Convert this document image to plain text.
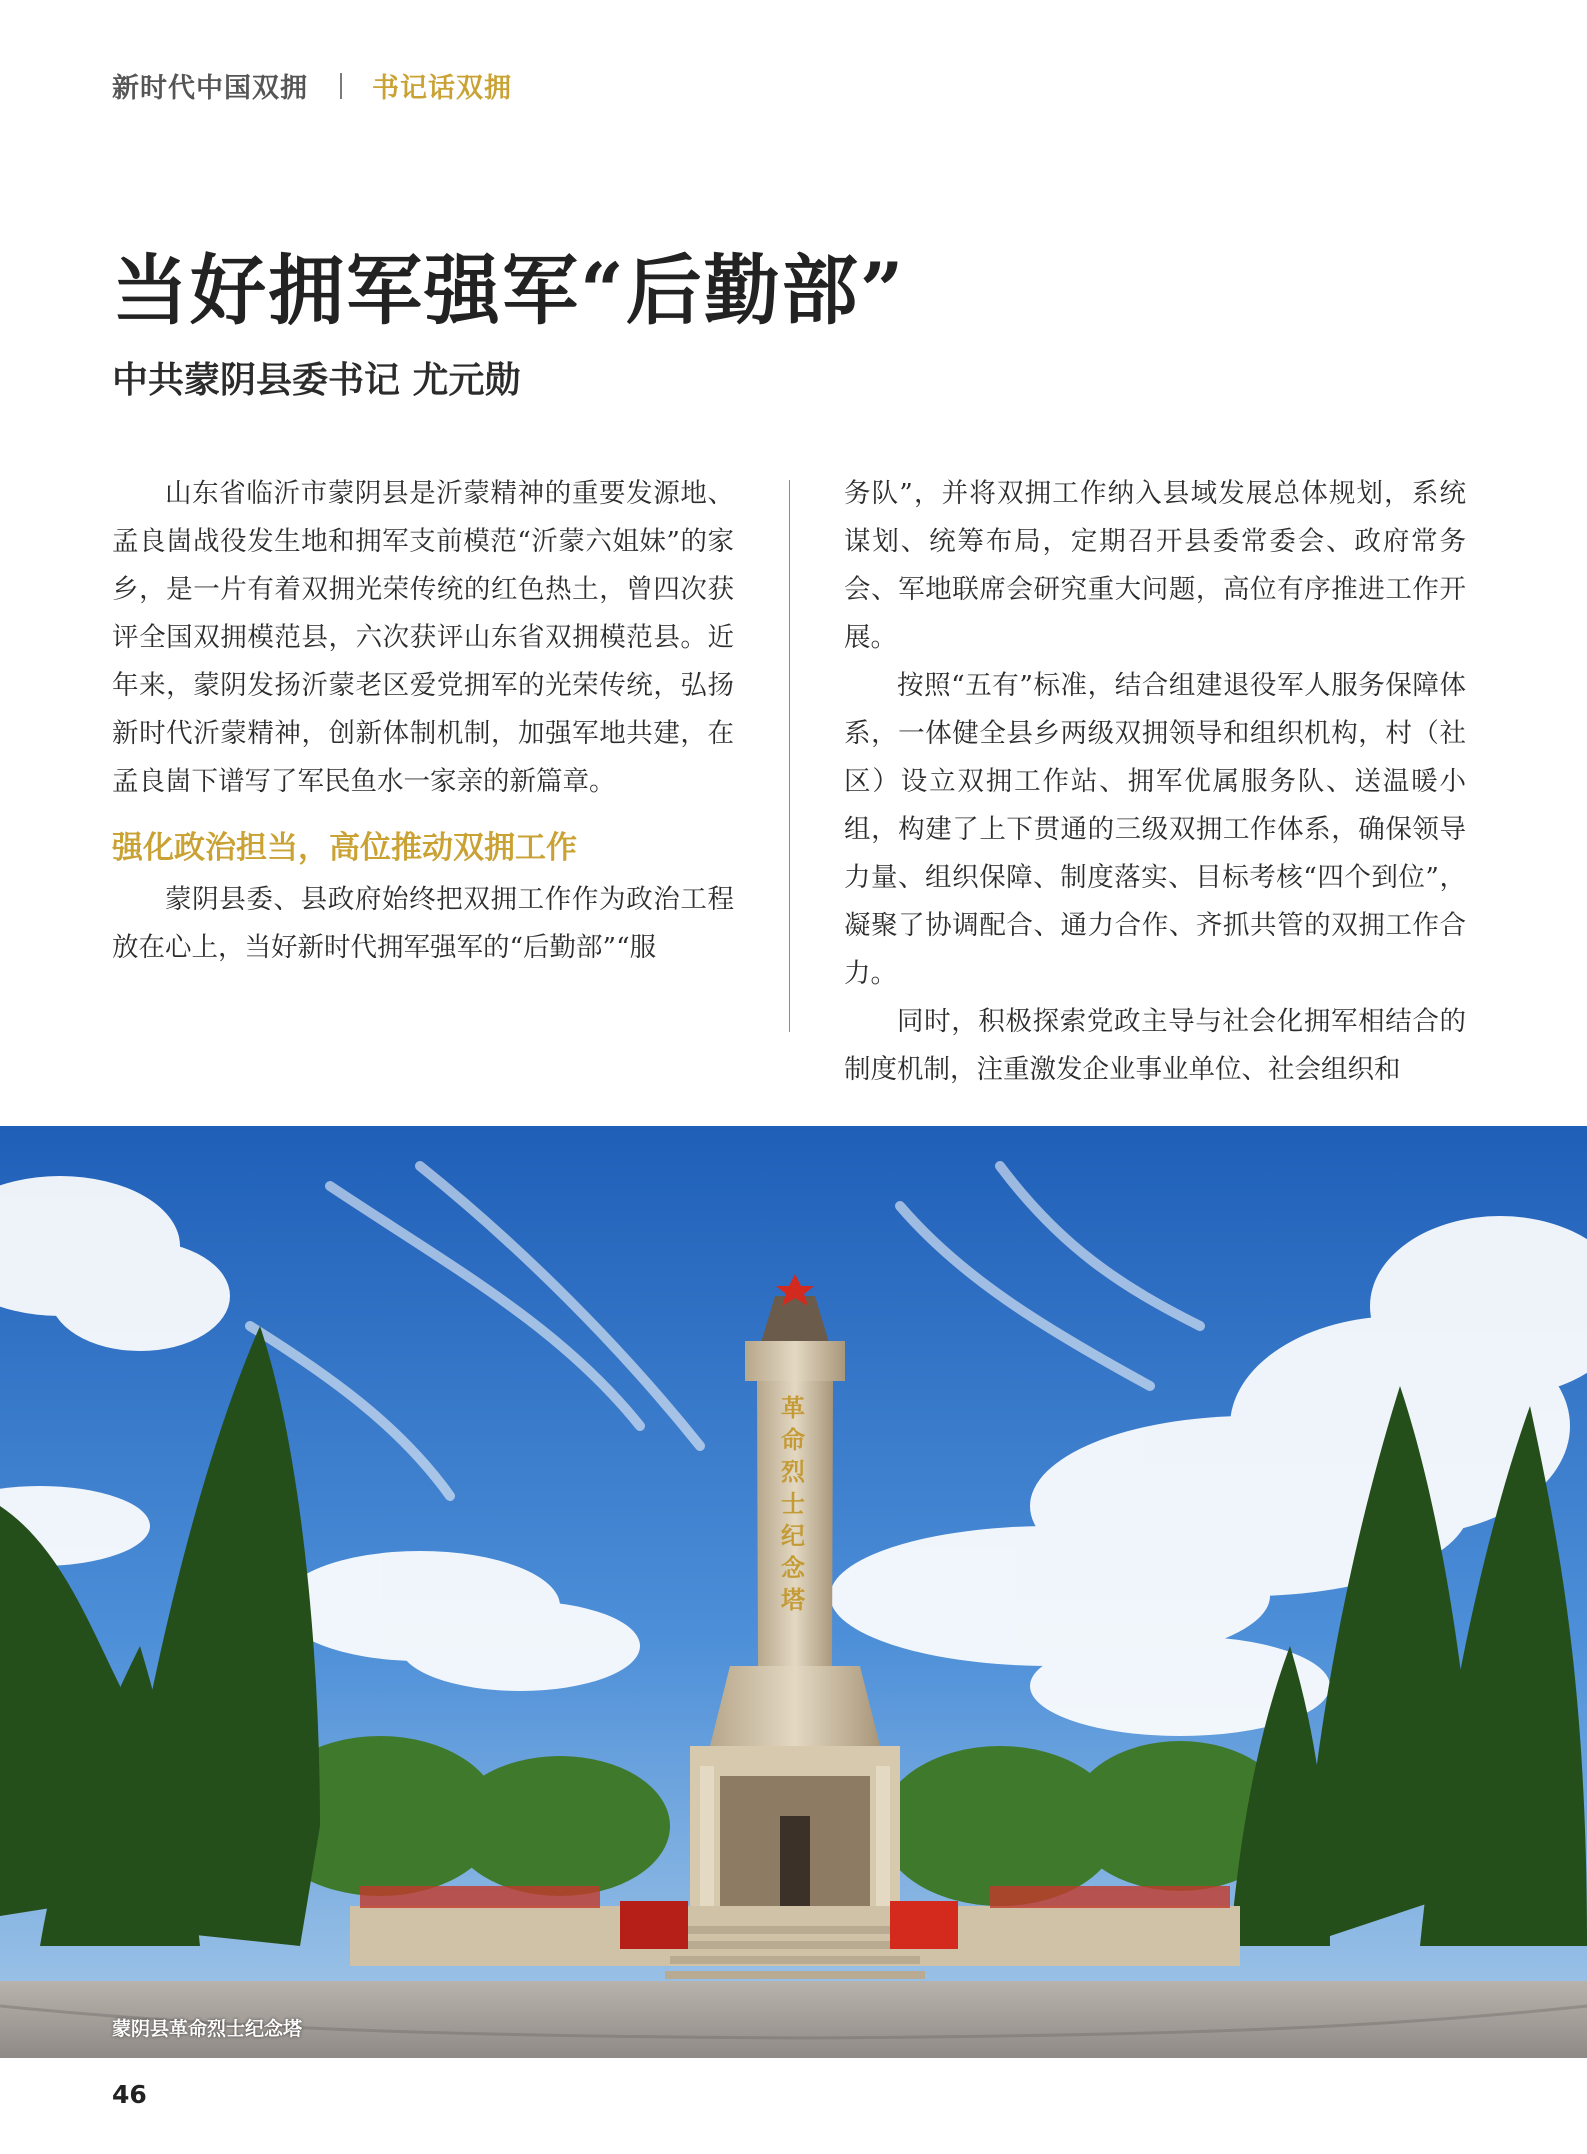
新时代中国双拥 书记话双拥
当好拥军强军“后勤部”
中共蒙阴县委书记 尤元勋

山东省临沂市蒙阴县是沂蒙精神的重要发源地、孟良崮战役发生地和拥军支前模范“沂蒙六姐妹”的家乡，是一片有着双拥光荣传统的红色热土，曾四次获评全国双拥模范县，六次获评山东省双拥模范县。近年来，蒙阴发扬沂蒙老区爱党拥军的光荣传统，弘扬新时代沂蒙精神，创新体制机制，加强军地共建，在孟良崮下谱写了军民鱼水一家亲的新篇章。

强化政治担当，高位推动双拥工作

蒙阴县委、县政府始终把双拥工作作为政治工程放在心上，当好新时代拥军强军的“后勤部”“服

务队”，并将双拥工作纳入县域发展总体规划，系统谋划、统筹布局，定期召开县委常委会、政府常务会、军地联席会研究重大问题，高位有序推进工作开展。

按照“五有”标准，结合组建退役军人服务保障体系，一体健全县乡两级双拥领导和组织机构，村（社区）设立双拥工作站、拥军优属服务队、送温暖小组，构建了上下贯通的三级双拥工作体系，确保领导力量、组织保障、制度落实、目标考核“四个到位”，凝聚了协调配合、通力合作、齐抓共管的双拥工作合力。

同时，积极探索党政主导与社会化拥军相结合的制度机制，注重激发企业事业单位、社会组织和

革命烈士纪念塔
蒙阴县革命烈士纪念塔
46
